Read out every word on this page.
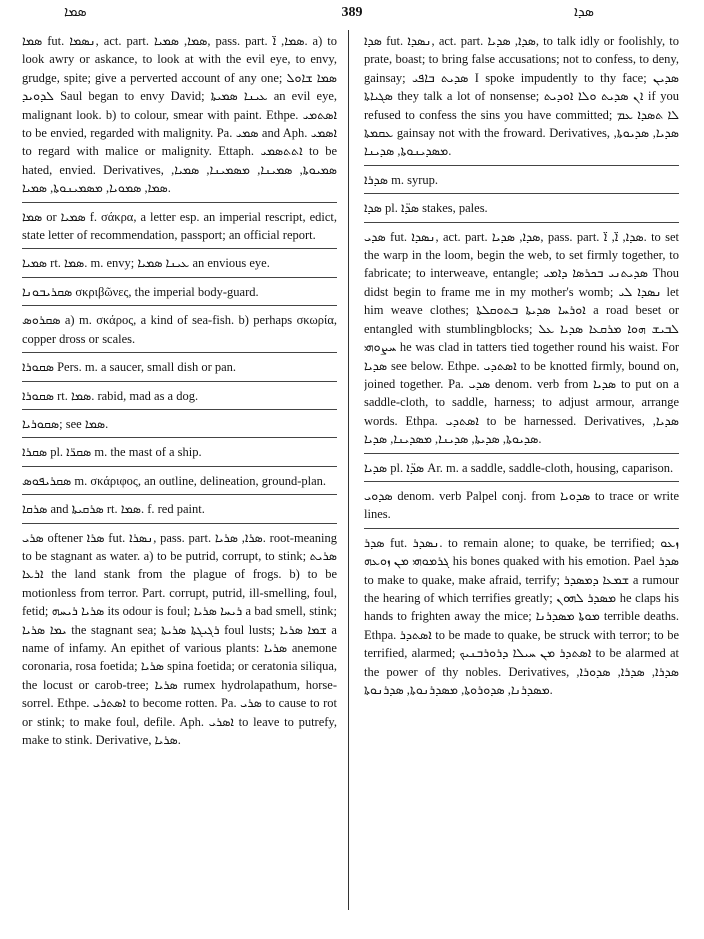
ܣܡܐ	389	ܣܕܐ

ܣܡܐ fut. ܢܣܡܐ, act. part. ܣܡܐ, ܣܡܝܐ, pass. part. ܣܡܐ, ܐ̈. a) to look awry or askance, to look at with the evil eye, to envy, grudge, spite; give a perverted account of any one; ܣܡܐ ܫܐܘܠ ܠܕܘܝܕ Saul began to envy David; ܥܝܢܐ ܣܡܝܬܐ an evil eye, malignant look. b) to colour, smear with paint. Ethpe. ܐܣܬܡܝ to be envied, regarded with malignity. Pa. ܣܡܝ and Aph. ܐܣܡܝ to regard with malice or malignity. Ettaph. ܐܬܬܣܡܝ to be hated, envied. Derivatives, ܣܡܝܘܬܐ, ܣܡܝܢܐ, ܡܣܡܝܢܐ, ܣܡܝܐ, ܣܡܐ, ܣܡܘܝܐ, ܡܣܡܝܢܘܬܐ, ܣܡܝܐ.

ܣܡܐ or ܣܡܝܐ f. σάκρα, a letter esp. an imperial rescript, edict, state letter of recommendation, passport; an official report.

ܣܡܝܐ rt. ܣܡܐ. m. envy; ܥܝܢܐ ܣܡܝܐ an envious eye.

ܣܩܪܝܒܘܢܐ σκριβῶνες, the imperial body-guard.

ܣܩܪܘܣ a) m. σκάρος, a kind of sea-fish. b) perhaps σκωρία, copper dross or scales.

ܣܩܘܪܐ Pers. m. a saucer, small dish or pan.

ܣܩܘܪܐ rt. ܣܡܐ. rabid, mad as a dog.

ܣܩܘܪܝܐ; see ܣܡܐ.

ܣܩܪܐ pl. ܣܩܪ̈ܐ m. the mast of a ship.

ܣܩܪܝܦܘܣ m. σκάριφος, an outline, delineation, ground-plan.

ܣܪܩܐ and ܣܪܩܝܬܐ rt. ܣܡܐ. f. red paint.

ܣܪܝ oftener ܣܪܐ fut. ܢܣܪܐ, pass. part. ܣܪܐ, ܣܪܝܐ. root-meaning to be stagnant as water. a) to be putrid, corrupt, to stink; ܣܪܝܬ ܐܪܥܐ the land stank from the plague of frogs. b) to be motionless from terror. Part. corrupt, putrid, ill-smelling, foul, fetid; ܣܪܝܐ ܪܝܚܗ its odour is foul; ܪܝܚܐ ܣܪܝܐ a bad smell, stink; ܝܡܐ ܣܪܝܐ the stagnant sea; ܪܓܝܓܬܐ ܣܪܝܬܐ foul lusts; ܫܡܐ ܣܪܝܐ a name of infamy. An epithet of various plants: ܣܪܝܐ anemone coronaria, rosa foetida; ܣܪܝܐ spina foetida; or ceratonia siliqua, the locust or carob-tree; ܣܪܝܐ rumex hydrolapathum, horse-sorrel. Ethpe. ܐܣܬܪܝ to become rotten. Pa. ܣܪܝ to cause to rot or stink; to make foul, defile. Aph. ܐܣܪܝ to leave to putrefy, make to stink. Derivative, ܣܪܝܐ.

ܣܕܐ fut. ܢܣܕܐ, act. part. ܣܕܐ, ܣܕܝܐ, to talk idly or foolishly, to prate, boast; to bring false accusations; not to confess, to deny, gainsay; ܣܕܝܬ ܒܐܦܝ I spoke impudently to thy face; ܣܕܝܢ ܣܓܝܐܬܐ they talk a lot of nonsense; ܐܢ ܣܕܝܬ ܘܠܐ ܐܘܕܝܬ if you refused to confess the sins you have committed; ܠܐ ܬܣܕܐ ܥܡ ܥܩܡܬܐ gainsay not with the froward. Derivatives, ܣܕܝܐ, ܣܕܝܘܬܐ, ܡܣܕܝܢܘܬܐ, ܣܕܝܢܐ.

ܣܕܪܐ m. syrup.

ܣܕܐ pl. ܣܕ̈ܐ stakes, pales.

ܣܕܝ fut. ܢܣܕܐ, act. part. ܣܕܐ, ܣܕܝܐ, pass. part. ܣܕܐ, ܐ̈, ܐ̈. to set the warp in the loom, begin the web, to set firmly together, to fabricate; to interweave, entangle; ܣܕܝܬܢܝ ܒܟܪܣܐ ܕܐܡܝ Thou didst begin to frame me in my mother's womb; ܢܣܕܐ ܠܝ let him weave clothes; ܐܘܪܚܐ ܣܕܝܬܐ ܒܬܘܩܠܬܐ a road beset or entangled with stumblingblocks; ܠܒܝܫ ܗܘܐ ܡܪܩܥܐ ܣܕܝܐ ܥܠ ܚܨܘܗܝ he was clad in tatters tied together round his waist. For ܣܕܝܐ see below. Ethpe. ܐܣܬܕܝ to be knotted firmly, bound on, joined together. Pa. ܣܕܝ denom. verb from ܣܕܝܐ to put on a saddle-cloth, to saddle, harness; to adjust armour, arrange words. Ethpa. ܐܣܬܕܝ to be harnessed. Derivatives, ܣܕܝܐ, ܣܕܝܘܬܐ, ܣܕܝܬܐ, ܣܕܝܢܐ, ܡܣܕܝܢܐ, ܣܕܝܐ.

ܣܕܝܐ pl. ܣܕ̈ܐ Ar. m. a saddle, saddle-cloth, housing, caparison.

ܣܕܘܝ denom. verb Palpel conj. from ܣܕܘܝܐ to trace or write lines.

ܣܕܪ fut. ܢܣܕܪ. to remain alone; to quake, be terrified; ܙܥܘ ܓܪܡܘܗܝ ܡܢ ܙܘܥܗ his bones quaked with his emotion. Pael ܣܕܪ to make to quake, make afraid, terrify; ܫܡܥܐ ܕܡܣܕܪ a rumour the hearing of which terrifies greatly; ܡܣܕܪ ܠܗܘܢ he claps his hands to frighten away the mice; ܡܘܬܐ ܡܣܕܪܢܐ terrible deaths. Ethpa. ܐܣܬܕܪ to be made to quake, be struck with terror; to be terrified, alarmed; ܐܣܬܕܪ ܡܢ ܚܝܠܐ ܕܪܘܪܒܢܝܟ to be alarmed at the power of thy nobles. Derivatives, ܣܕܪܐ, ܣܕܪܐ, ܣܕܘܪܐ, ܡܣܕܪܢܐ, ܣܕܘܪܘܬܐ, ܡܣܕܪܢܘܬܐ, ܣܕܪܢܘܬܐ.
